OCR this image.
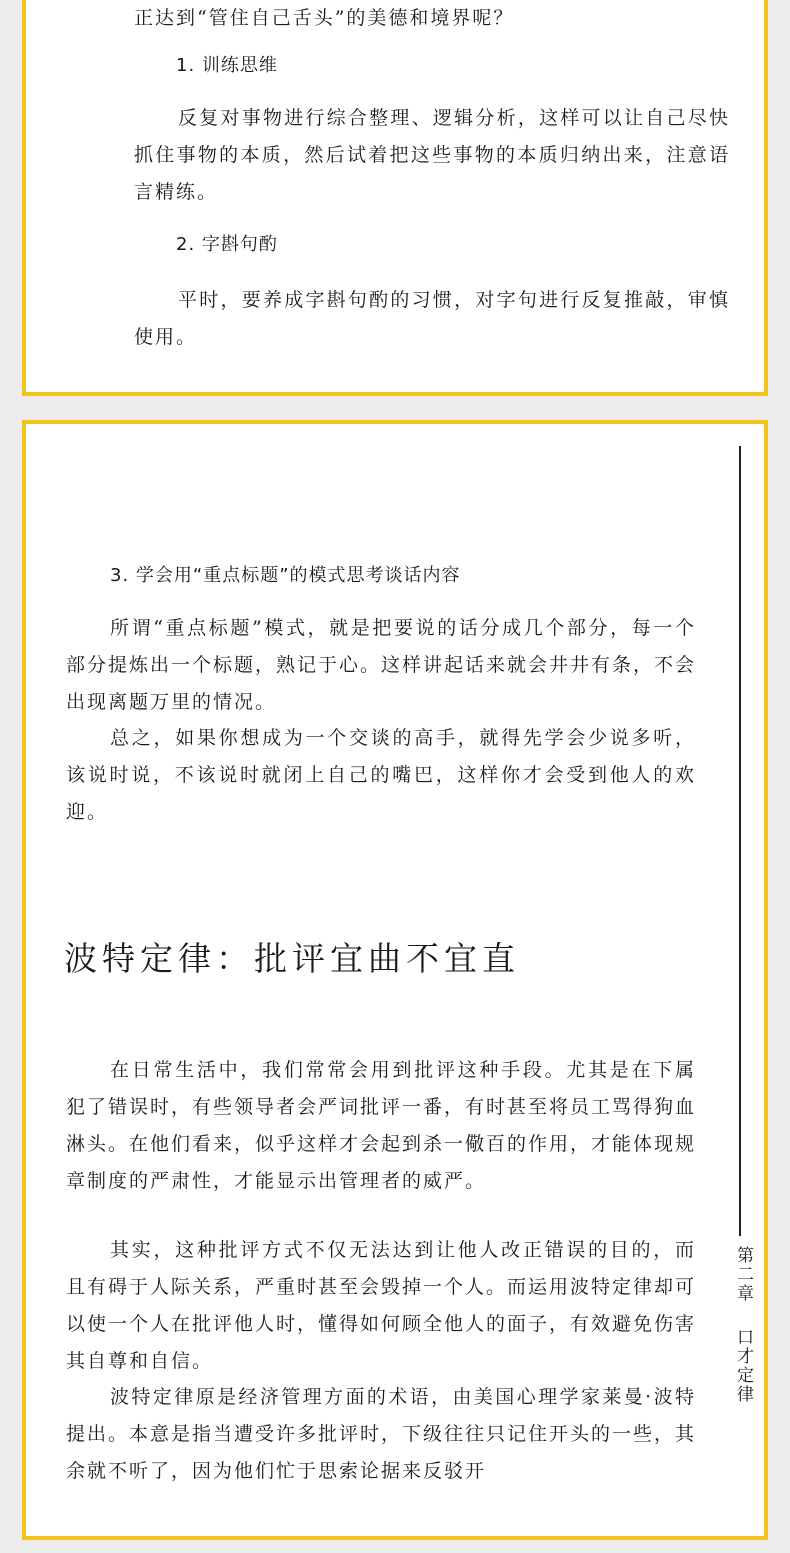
正达到“管住自己舌头”的美德和境界呢？

1. 训练思维

反复对事物进行综合整理、逻辑分析，这样可以让自己尽快抓住事物的本质，然后试着把这些事物的本质归纳出来，注意语言精练。

2. 字斟句酌

平时，要养成字斟句酌的习惯，对字句进行反复推敲，审慎使用。

3. 学会用“重点标题”的模式思考谈话内容

所谓“重点标题”模式，就是把要说的话分成几个部分，每一个部分提炼出一个标题，熟记于心。这样讲起话来就会井井有条，不会出现离题万里的情况。

总之，如果你想成为一个交谈的高手，就得先学会少说多听，该说时说，不该说时就闭上自己的嘴巴，这样你才会受到他人的欢迎。

波特定律：批评宜曲不宜直

在日常生活中，我们常常会用到批评这种手段。尤其是在下属犯了错误时，有些领导者会严词批评一番，有时甚至将员工骂得狗血淋头。在他们看来，似乎这样才会起到杀一儆百的作用，才能体现规章制度的严肃性，才能显示出管理者的威严。

其实，这种批评方式不仅无法达到让他人改正错误的目的，而且有碍于人际关系，严重时甚至会毁掉一个人。而运用波特定律却可以使一个人在批评他人时，懂得如何顾全他人的面子，有效避免伤害其自尊和自信。

波特定律原是经济管理方面的术语，由美国心理学家莱曼·波特提出。本意是指当遭受许多批评时，下级往往只记住开头的一些，其余就不听了，因为他们忙于思索论据来反驳开

第二章
口才定律
